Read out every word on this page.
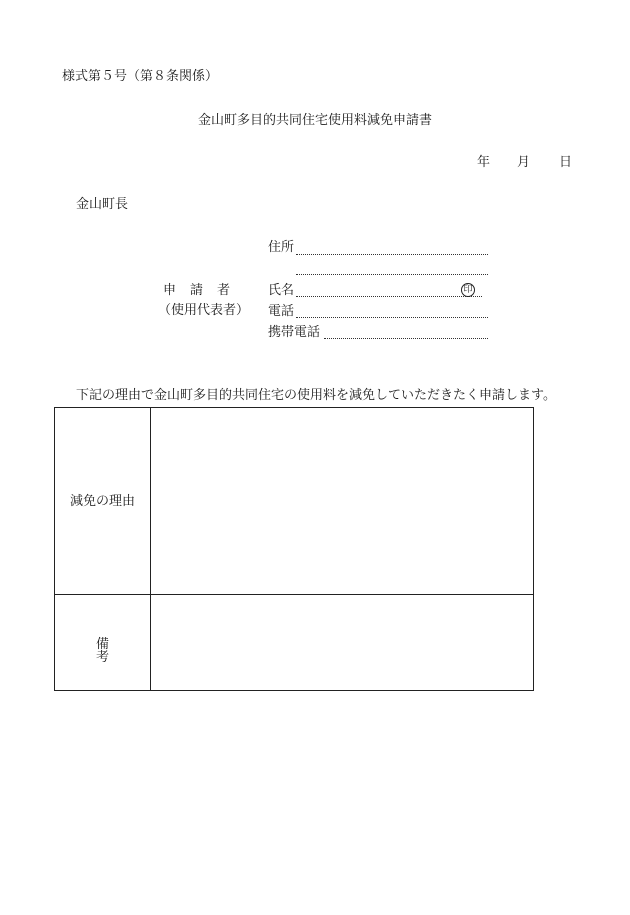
様式第５号（第８条関係）
金山町多目的共同住宅使用料減免申請書
年 月 日
金山町長
申請者
（使用代表者）
住所
氏名	印
電話
携帯電話
下記の理由で金山町多目的共同住宅の使用料を減免していただきたく申請します。
減免の理由
備考
